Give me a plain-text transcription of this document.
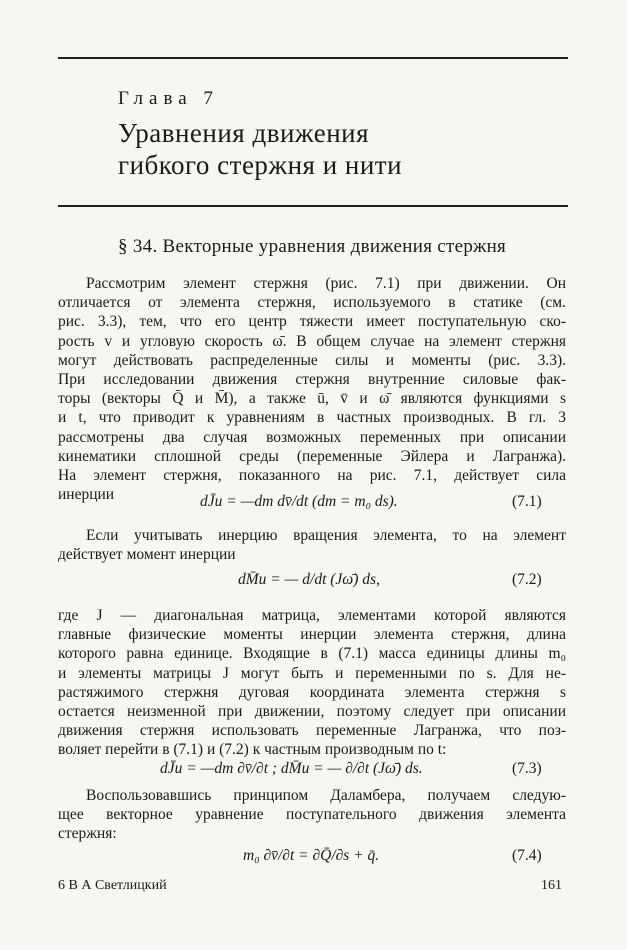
Глава 7
Уравнения движения
гибкого стержня и нити
§ 34. Векторные уравнения движения стержня
Рассмотрим элемент стержня (рис. 7.1) при движении. Он
отличается от элемента стержня, используемого в статике (см.
рис. 3.3), тем, что его центр тяжести имеет поступательную ско-
рость v и угловую скорость ω̄. В общем случае на элемент стержня
могут действовать распределенные силы и моменты (рис. 3.3).
При исследовании движения стержня внутренние силовые фак-
торы (векторы Q̄ и M̄), а также ū, v̄ и ω̄ являются функциями s
и t, что приводит к уравнениям в частных производных. В гл. 3
рассмотрены два случая возможных переменных при описании
кинематики сплошной среды (переменные Эйлера и Лагранжа).
На элемент стержня, показанного на рис. 7.1, действует сила
инерции	dJ̄и = —dm dv̄/dt (dm = m₀ ds).	(7.1)
Если учитывать инерцию вращения элемента, то на элемент
действует момент инерции
dM̄и = — d/dt (Jω̄) ds,	(7.2)
где J — диагональная матрица, элементами которой являются
главные физические моменты инерции элемента стержня, длина
которого равна единице. Входящие в (7.1) масса единицы длины m₀
и элементы матрицы J могут быть и переменными по s. Для не-
растяжимого стержня дуговая координата элемента стержня s
остается неизменной при движении, поэтому следует при описании
движения стержня использовать переменные Лагранжа, что поз-
воляет перейти в (7.1) и (7.2) к частным производным по t:
dJ̄и = —dm ∂v̄/∂t ; dM̄и = — ∂/∂t (Jω̄) ds.	(7.3)
Воспользовавшись принципом Даламбера, получаем следую-
щее векторное уравнение поступательного движения элемента
стержня:
m₀ ∂v̄/∂t = ∂Q̄/∂s + q̄.	(7.4)
6 В А Светлицкий	161
